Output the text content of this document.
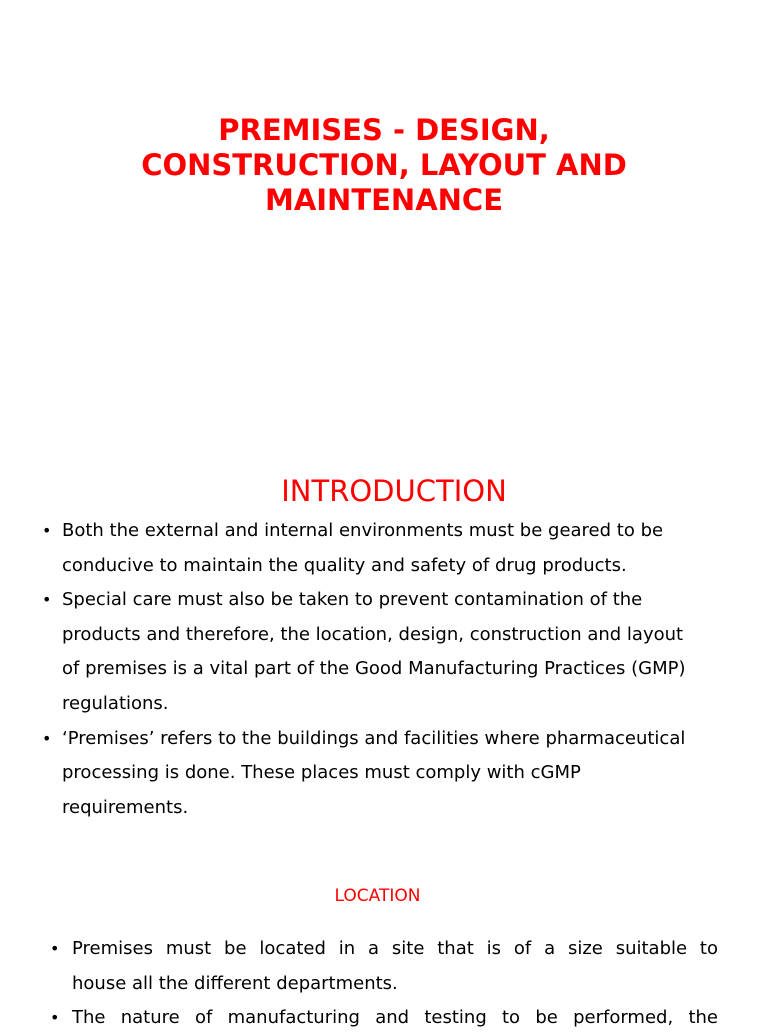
PREMISES - DESIGN,
CONSTRUCTION, LAYOUT AND
MAINTENANCE
INTRODUCTION
• Both the external and internal environments must be geared to be
conducive to maintain the quality and safety of drug products.
• Special care must also be taken to prevent contamination of the
products and therefore, the location, design, construction and layout
of premises is a vital part of the Good Manufacturing Practices (GMP)
regulations.
• ‘Premises’ refers to the buildings and facilities where pharmaceutical
processing is done. These places must comply with cGMP
requirements.
LOCATION
• Premises must be located in a site that is of a size suitable to
house all the different departments.
• The nature of manufacturing and testing to be performed, the
